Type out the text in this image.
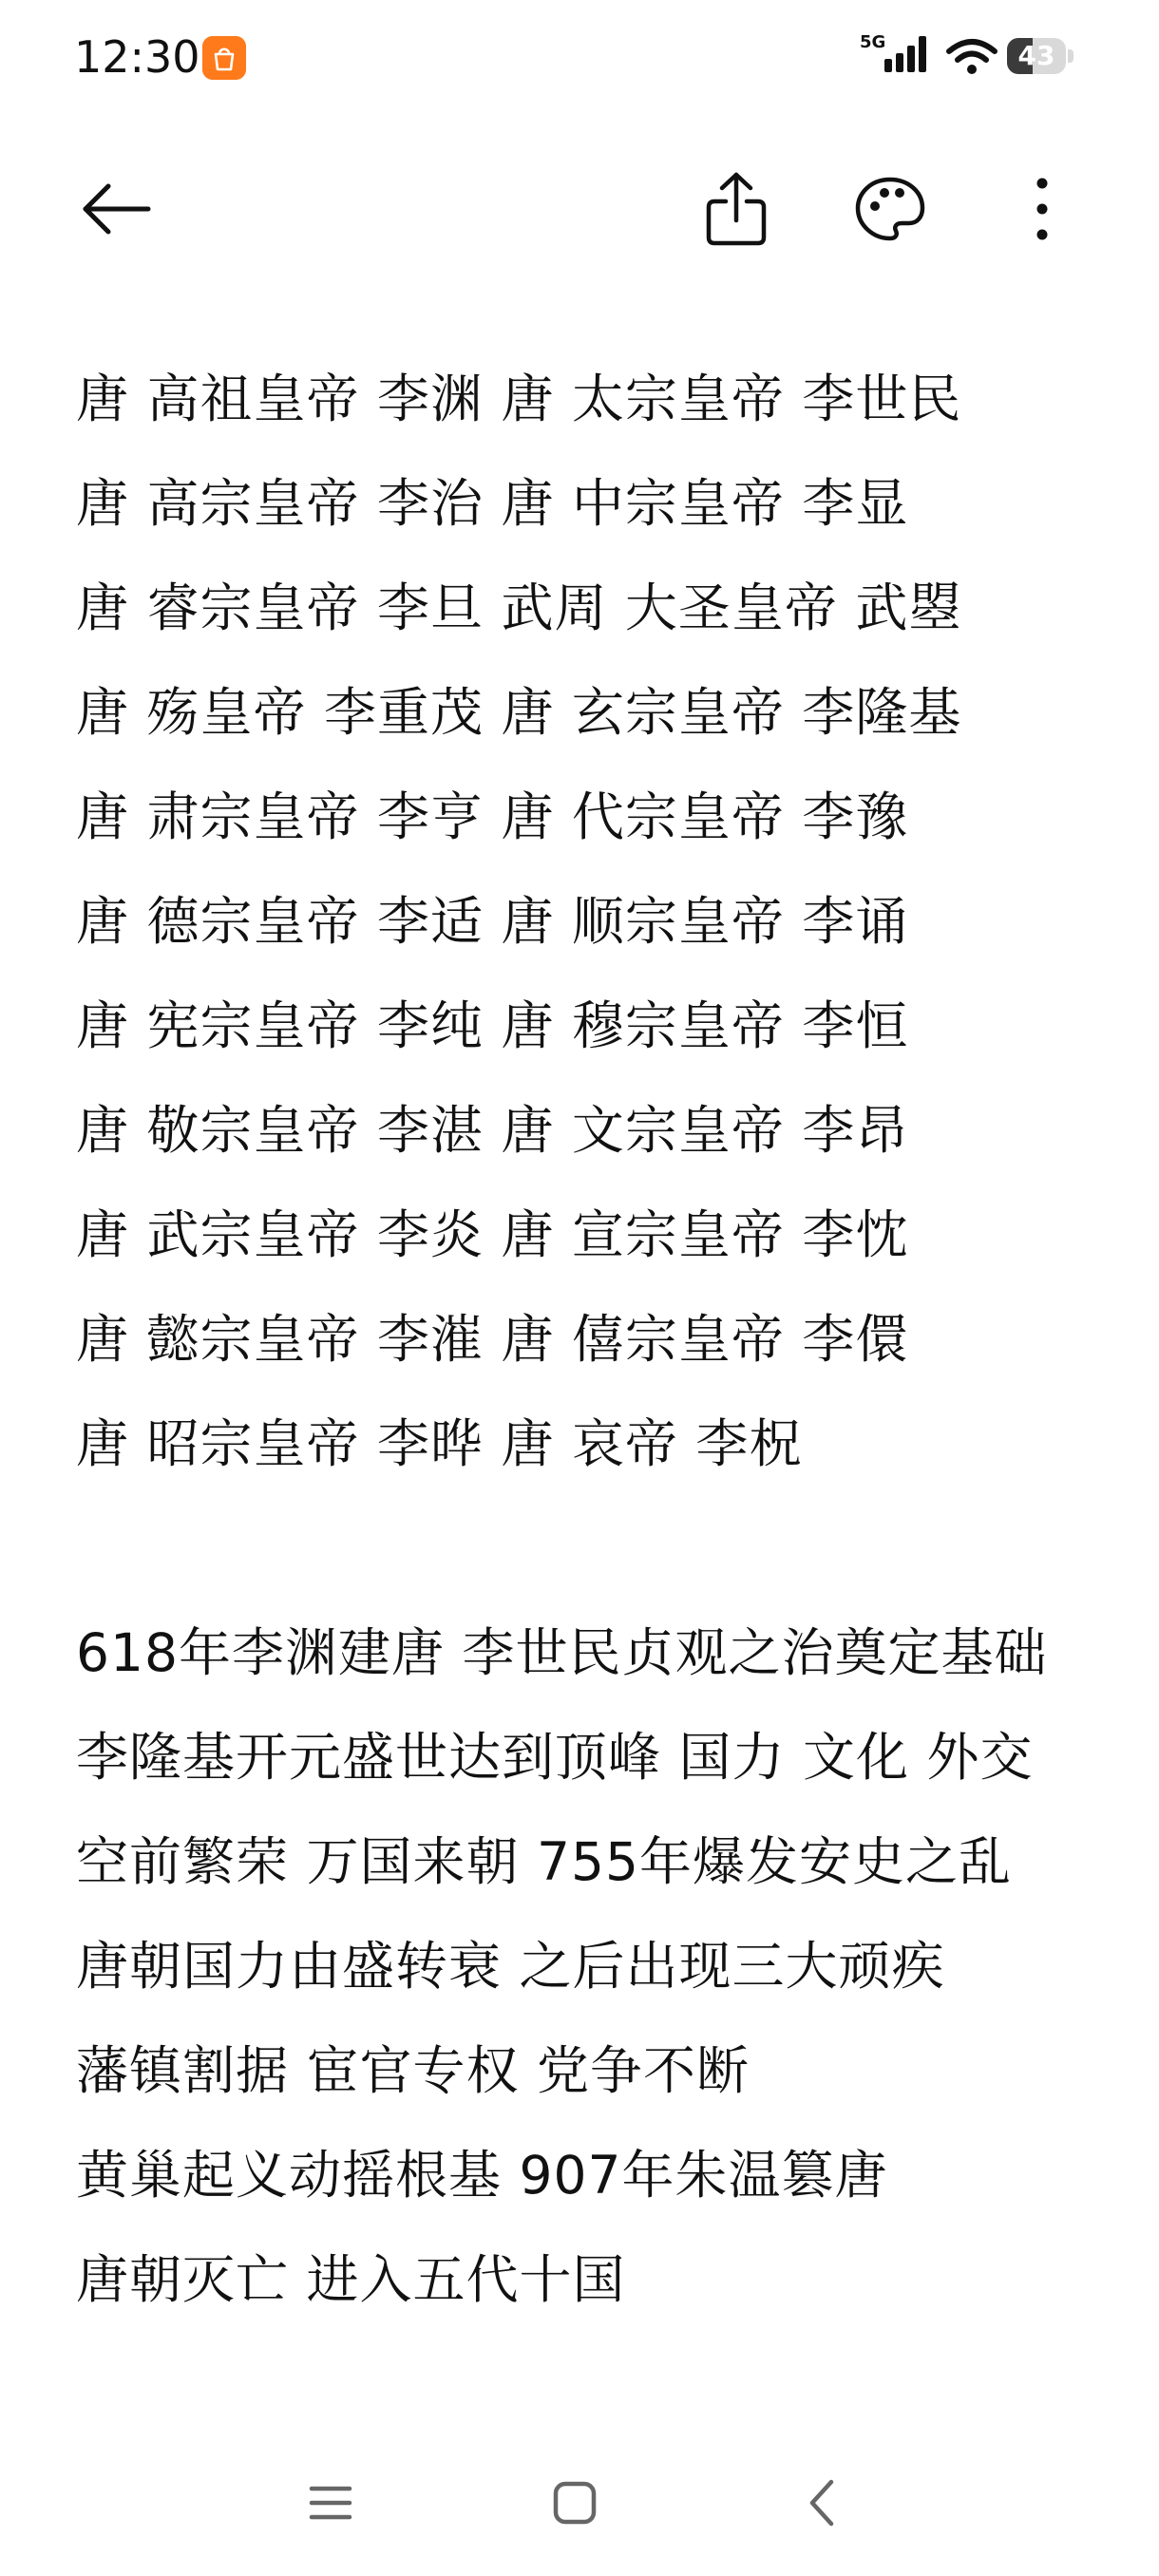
12:30	5G	43
唐 高祖皇帝 李渊 唐 太宗皇帝 李世民
唐 高宗皇帝 李治 唐 中宗皇帝 李显
唐 睿宗皇帝 李旦 武周 大圣皇帝 武曌
唐 殇皇帝 李重茂 唐 玄宗皇帝 李隆基
唐 肃宗皇帝 李亨 唐 代宗皇帝 李豫
唐 德宗皇帝 李适 唐 顺宗皇帝 李诵
唐 宪宗皇帝 李纯 唐 穆宗皇帝 李恒
唐 敬宗皇帝 李湛 唐 文宗皇帝 李昂
唐 武宗皇帝 李炎 唐 宣宗皇帝 李忱
唐 懿宗皇帝 李漼 唐 僖宗皇帝 李儇
唐 昭宗皇帝 李晔 唐 哀帝 李柷
618年李渊建唐 李世民贞观之治奠定基础
李隆基开元盛世达到顶峰 国力 文化 外交
空前繁荣 万国来朝 755年爆发安史之乱
唐朝国力由盛转衰 之后出现三大顽疾
藩镇割据 宦官专权 党争不断
黄巢起义动摇根基 907年朱温篡唐
唐朝灭亡 进入五代十国
